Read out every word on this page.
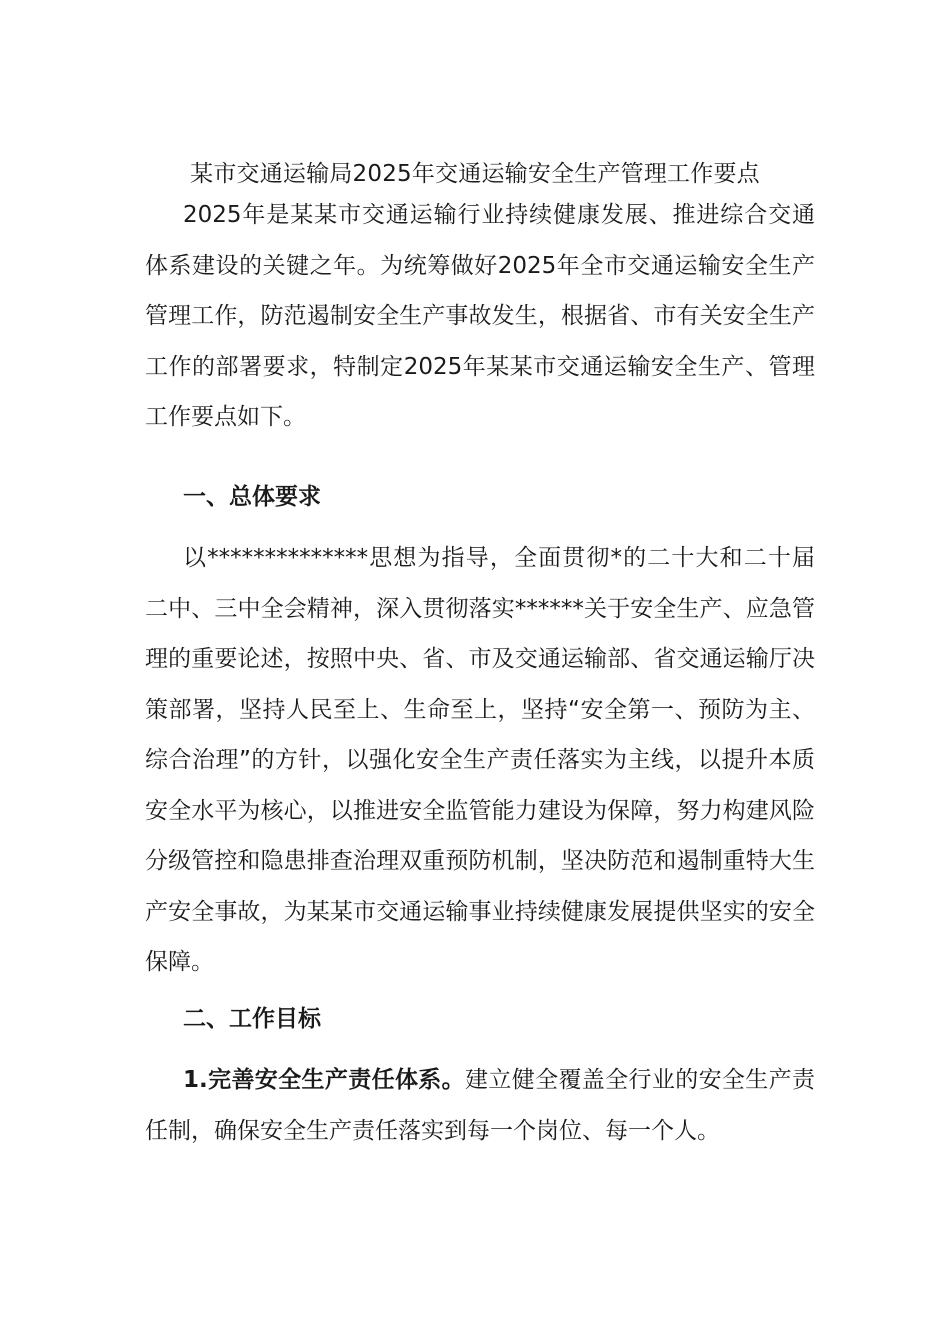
某市交通运输局2025年交通运输安全生产管理工作要点

2025年是某某市交通运输行业持续健康发展、推进综合交通体系建设的关键之年。为统筹做好2025年全市交通运输安全生产管理工作，防范遏制安全生产事故发生，根据省、市有关安全生产工作的部署要求，特制定2025年某某市交通运输安全生产、管理工作要点如下。

一、总体要求

以**************思想为指导，全面贯彻*的二十大和二十届二中、三中全会精神，深入贯彻落实******关于安全生产、应急管理的重要论述，按照中央、省、市及交通运输部、省交通运输厅决策部署，坚持人民至上、生命至上，坚持“安全第一、预防为主、综合治理”的方针，以强化安全生产责任落实为主线，以提升本质安全水平为核心，以推进安全监管能力建设为保障，努力构建风险分级管控和隐患排查治理双重预防机制，坚决防范和遏制重特大生产安全事故，为某某市交通运输事业持续健康发展提供坚实的安全保障。

二、工作目标

1.完善安全生产责任体系。建立健全覆盖全行业的安全生产责任制，确保安全生产责任落实到每一个岗位、每一个人。
